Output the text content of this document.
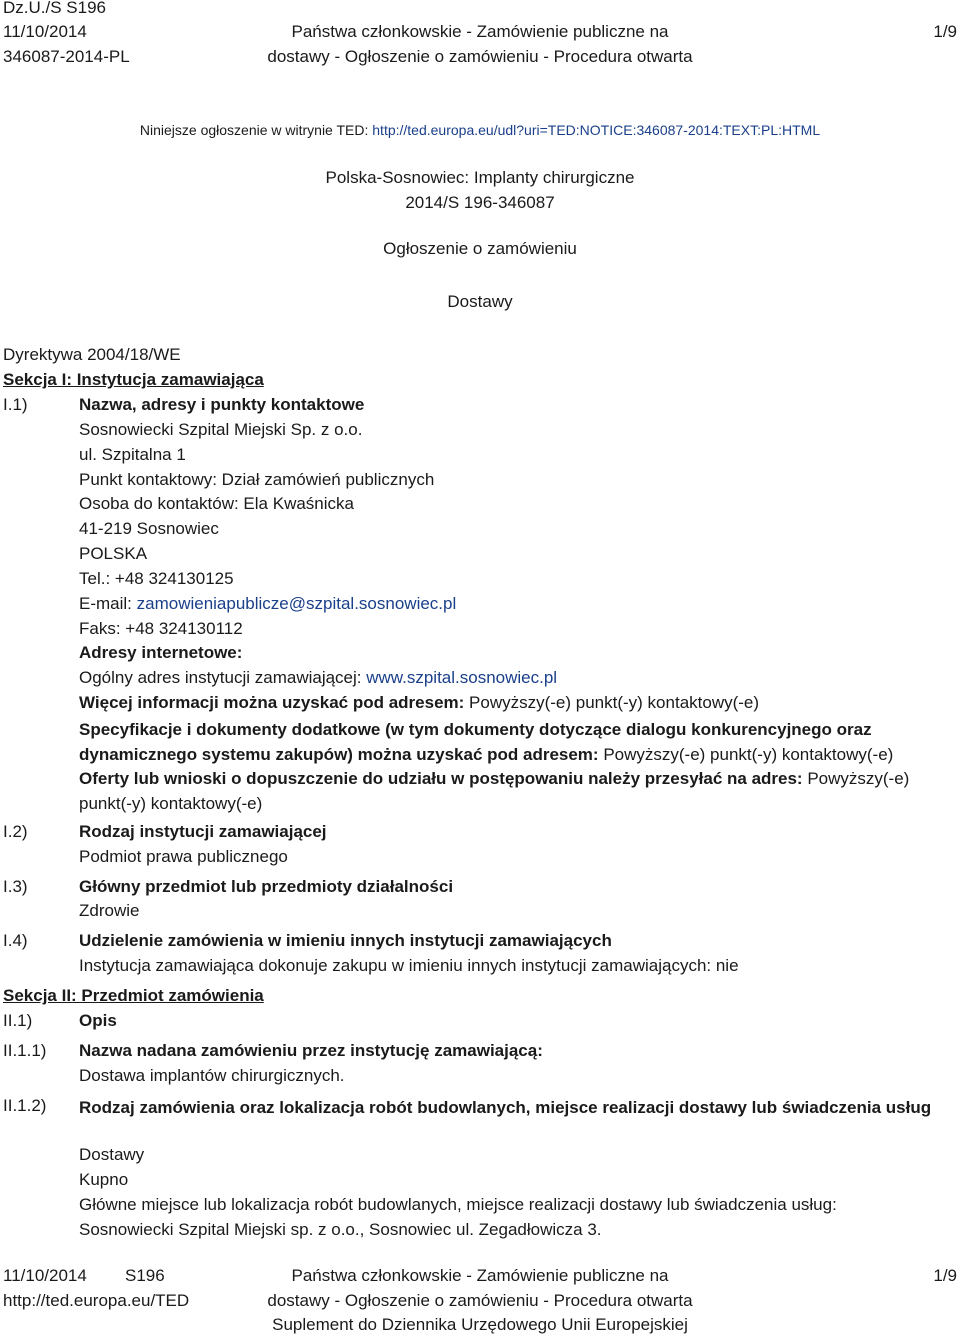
Dz.U./S S196
11/10/2014
346087-2014-PL
Państwa członkowskie - Zamówienie publiczne na
dostawy - Ogłoszenie o zamówieniu - Procedura otwarta
1/9
Niniejsze ogłoszenie w witrynie TED: http://ted.europa.eu/udl?uri=TED:NOTICE:346087-2014:TEXT:PL:HTML
Polska-Sosnowiec: Implanty chirurgiczne
2014/S 196-346087
Ogłoszenie o zamówieniu
Dostawy
Dyrektywa 2004/18/WE
Sekcja I: Instytucja zamawiająca
I.1)	Nazwa, adresy i punkty kontaktowe
Sosnowiecki Szpital Miejski Sp. z o.o.
ul. Szpitalna 1
Punkt kontaktowy: Dział zamówień publicznych
Osoba do kontaktów: Ela Kwaśnicka
41-219 Sosnowiec
POLSKA
Tel.: +48 324130125
E-mail: zamowieniapublicze@szpital.sosnowiec.pl
Faks: +48 324130112
Adresy internetowe:
Ogólny adres instytucji zamawiającej: www.szpital.sosnowiec.pl
Więcej informacji można uzyskać pod adresem: Powyższy(-e) punkt(-y) kontaktowy(-e)
Specyfikacje i dokumenty dodatkowe (w tym dokumenty dotyczące dialogu konkurencyjnego oraz dynamicznego systemu zakupów) można uzyskać pod adresem: Powyższy(-e) punkt(-y) kontaktowy(-e)
Oferty lub wnioski o dopuszczenie do udziału w postępowaniu należy przesyłać na adres: Powyższy(-e) punkt(-y) kontaktowy(-e)
I.2)	Rodzaj instytucji zamawiającej
Podmiot prawa publicznego
I.3)	Główny przedmiot lub przedmioty działalności
Zdrowie
I.4)	Udzielenie zamówienia w imieniu innych instytucji zamawiających
Instytucja zamawiająca dokonuje zakupu w imieniu innych instytucji zamawiających: nie
Sekcja II: Przedmiot zamówienia
II.1)	Opis
II.1.1) Nazwa nadana zamówieniu przez instytucję zamawiającą:
Dostawa implantów chirurgicznych.
II.1.2) Rodzaj zamówienia oraz lokalizacja robót budowlanych, miejsce realizacji dostawy lub świadczenia usług
Dostawy
Kupno
Główne miejsce lub lokalizacja robót budowlanych, miejsce realizacji dostawy lub świadczenia usług:
Sosnowiecki Szpital Miejski sp. z o.o., Sosnowiec ul. Zegadłowicza 3.
11/10/2014 S196
http://ted.europa.eu/TED
Państwa członkowskie - Zamówienie publiczne na
dostawy - Ogłoszenie o zamówieniu - Procedura otwarta
Suplement do Dziennika Urzędowego Unii Europejskiej
1/9
